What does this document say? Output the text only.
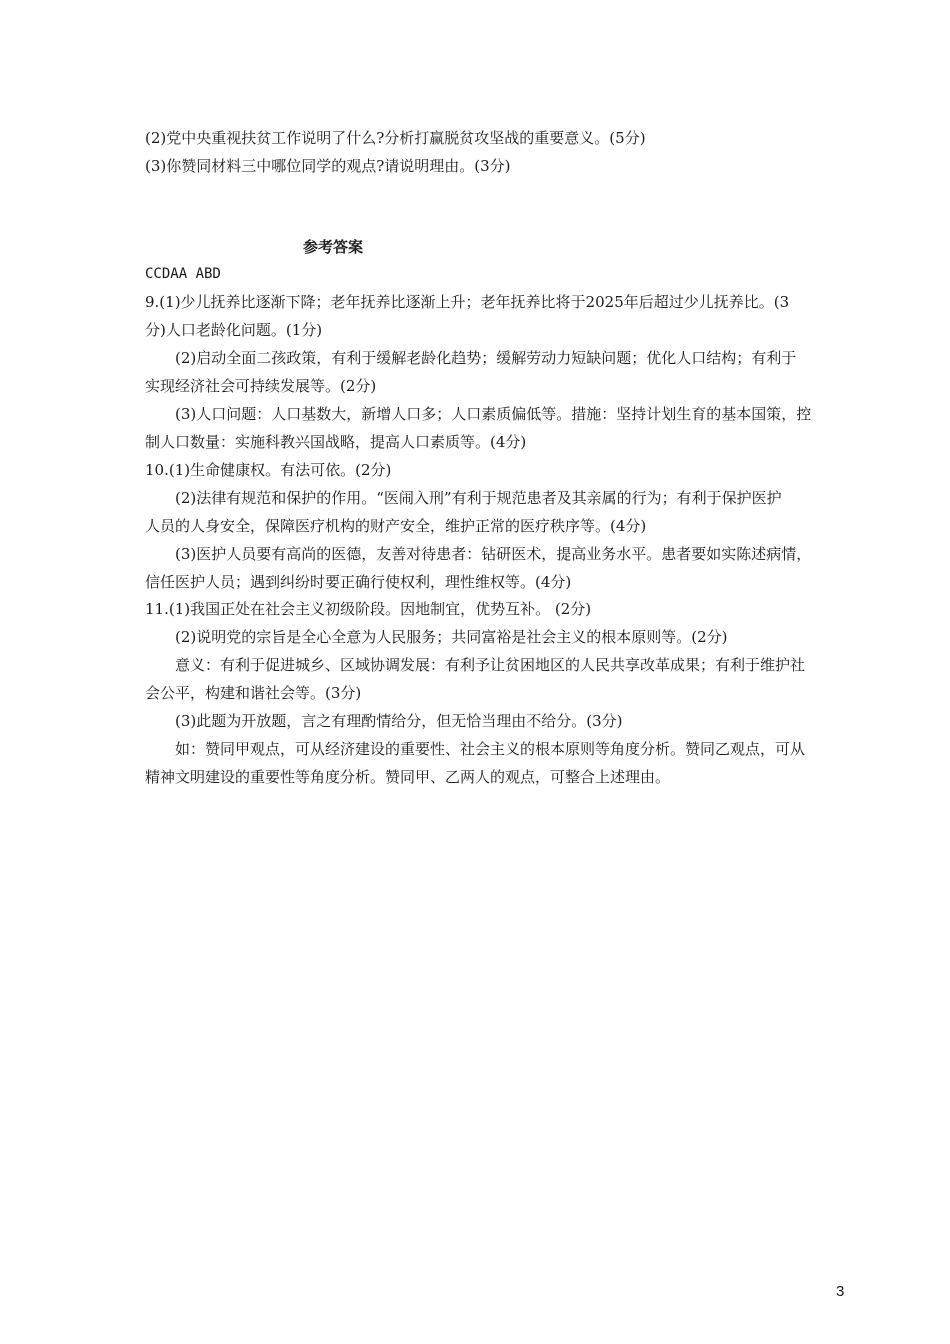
(2)党中央重视扶贫工作说明了什么?分析打赢脱贫攻坚战的重要意义。(5分)
(3)你赞同材料三中哪位同学的观点?请说明理由。(3分)
参考答案
CCDAA ABD
9.(1)少儿抚养比逐渐下降；老年抚养比逐渐上升；老年抚养比将于2025年后超过少儿抚养比。(3
分)人口老龄化问题。(1分)
(2)启动全面二孩政策，有利于缓解老龄化趋势；缓解劳动力短缺问题；优化人口结构；有利于
实现经济社会可持续发展等。(2分)
(3)人口问题：人口基数大，新增人口多；人口素质偏低等。措施：坚持计划生育的基本国策，控
制人口数量：实施科教兴国战略，提高人口素质等。(4分)
10.(1)生命健康权。有法可依。(2分)
(2)法律有规范和保护的作用。“医闹入刑”有利于规范患者及其亲属的行为；有利于保护医护
人员的人身安全，保障医疗机构的财产安全，维护正常的医疗秩序等。(4分)
(3)医护人员要有高尚的医德，友善对待患者：钻研医术，提高业务水平。患者要如实陈述病情，
信任医护人员；遇到纠纷时要正确行使权利，理性维权等。(4分)
11.(1)我国正处在社会主义初级阶段。因地制宜，优势互补。 (2分)
(2)说明党的宗旨是全心全意为人民服务；共同富裕是社会主义的根本原则等。(2分)
意义：有利于促进城乡、区域协调发展：有利予让贫困地区的人民共享改革成果；有利于维护社
会公平，构建和谐社会等。(3分)
(3)此题为开放题，言之有理酌情给分，但无恰当理由不给分。(3分)
如：赞同甲观点，可从经济建设的重要性、社会主义的根本原则等角度分析。赞同乙观点，可从
精神文明建设的重要性等角度分析。赞同甲、乙两人的观点，可整合上述理由。
3
